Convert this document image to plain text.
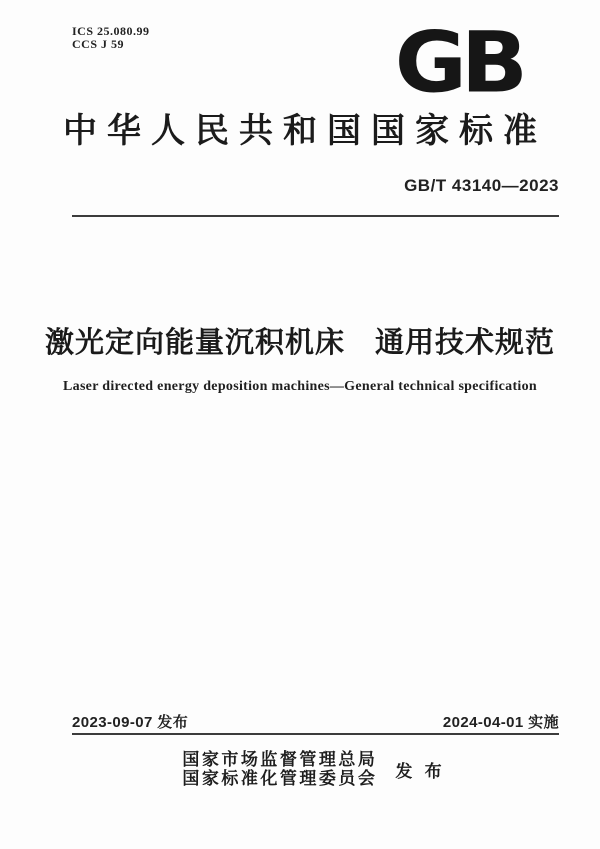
ICS 25.080.99
CCS J 59	GB
中华人民共和国国家标准
GB/T 43140—2023
激光定向能量沉积机床　通用技术规范
Laser directed energy deposition machines—General technical specification
2023-09-07 发布	2024-04-01 实施
国家市场监督管理总局
国家标准化管理委员会 发 布
